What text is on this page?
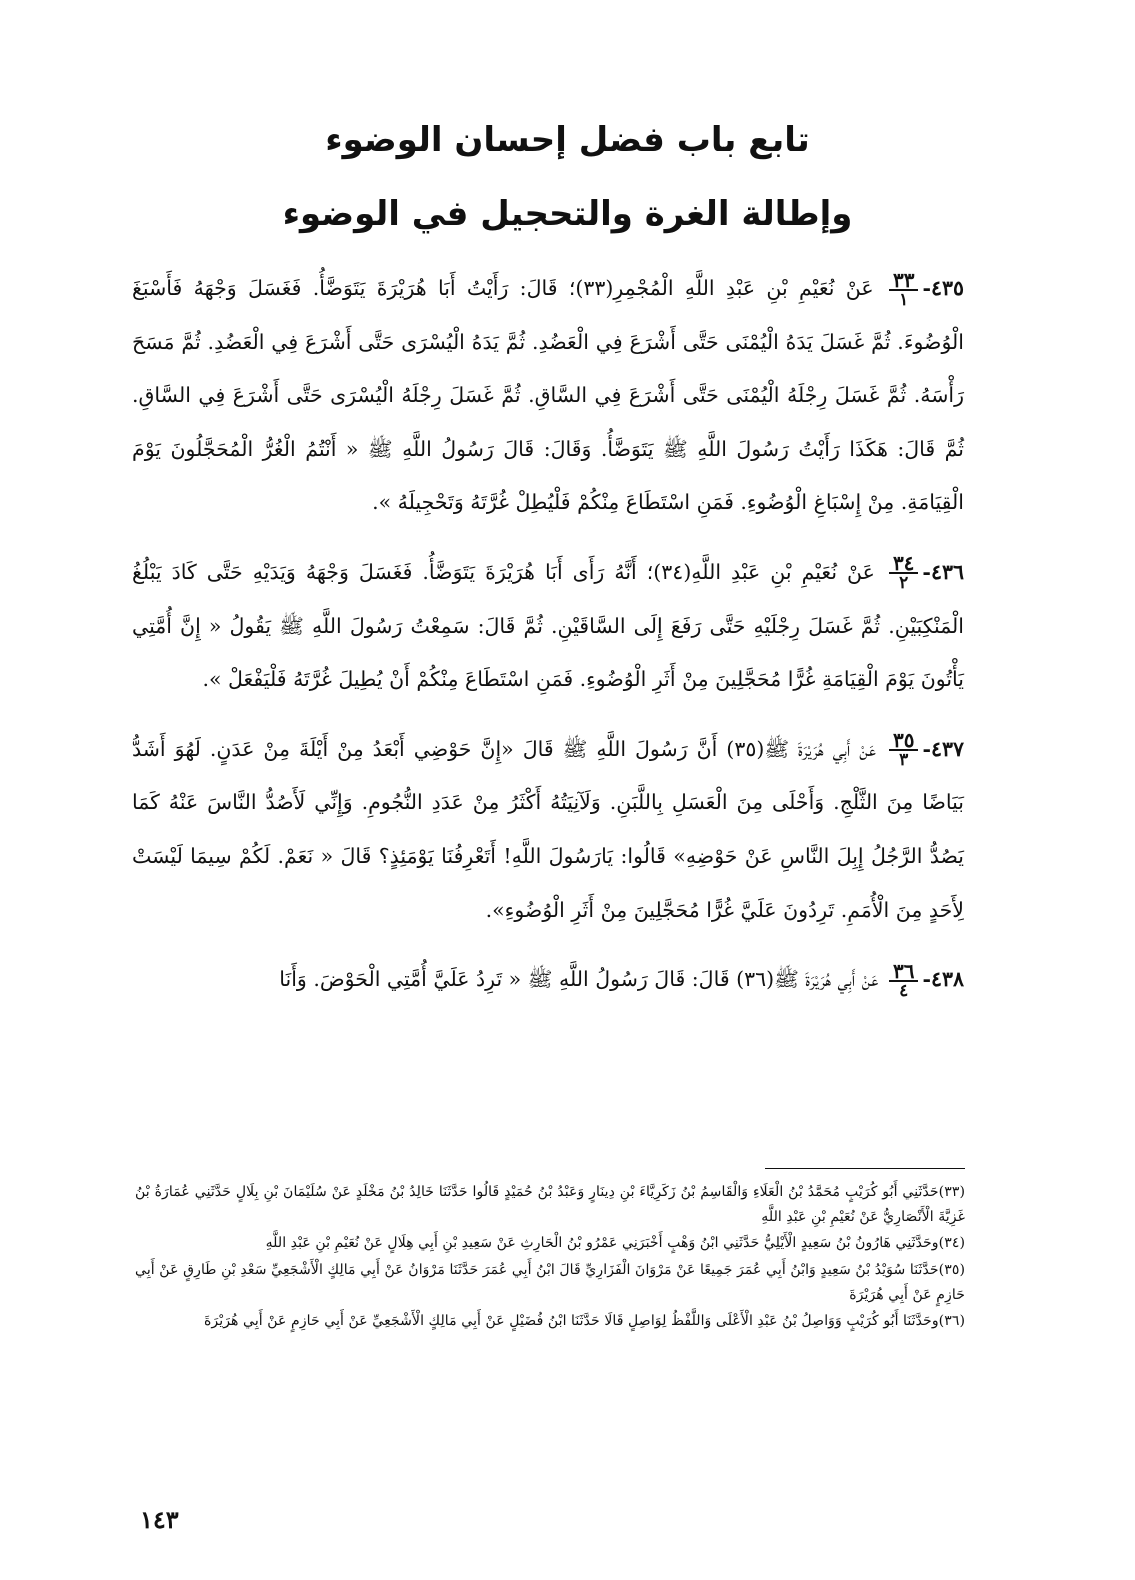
تابع باب فضل إحسان الوضوء
وإطالة الغرة والتحجيل في الوضوء

٤٣٥-
$\frac{٣٣}{١}$
عَنْ نُعَيْمِ بْنِ عَبْدِ اللَّهِ الْمُجْمِرِ(٣٣)؛ قَالَ: رَأَيْتُ أَبَا هُرَيْرَةَ يَتَوَضَّأُ. فَغَسَلَ وَجْهَهُ فَأَسْبَغَ الْوُضُوءَ. ثُمَّ غَسَلَ يَدَهُ الْيُمْنَى حَتَّى أَشْرَعَ فِي الْعَضُدِ. ثُمَّ يَدَهُ الْيُسْرَى حَتَّى أَشْرَعَ فِي الْعَضُدِ. ثُمَّ مَسَحَ رَأْسَهُ. ثُمَّ غَسَلَ رِجْلَهُ الْيُمْنَى حَتَّى أَشْرَعَ فِي السَّاقِ. ثُمَّ غَسَلَ رِجْلَهُ الْيُسْرَى حَتَّى أَشْرَعَ فِي السَّاقِ. ثُمَّ قَالَ: هَكَذَا رَأَيْتُ رَسُولَ اللَّهِ ﷺ يَتَوَضَّأُ. وَقَالَ: قَالَ رَسُولُ اللَّهِ ﷺ « أَنْتُمُ الْغُرُّ الْمُحَجَّلُونَ يَوْمَ الْقِيَامَةِ. مِنْ إِسْبَاغِ الْوُضُوءِ. فَمَنِ اسْتَطَاعَ مِنْكُمْ فَلْيُطِلْ غُرَّتَهُ وَتَحْجِيلَهُ ».

٤٣٦-
$\frac{٣٤}{٢}$
عَنْ نُعَيْمِ بْنِ عَبْدِ اللَّهِ(٣٤)؛ أَنَّهُ رَأَى أَبَا هُرَيْرَةَ يَتَوَضَّأُ. فَغَسَلَ وَجْهَهُ وَيَدَيْهِ حَتَّى كَادَ يَبْلُغُ الْمَنْكِبَيْنِ. ثُمَّ غَسَلَ رِجْلَيْهِ حَتَّى رَفَعَ إِلَى السَّاقَيْنِ. ثُمَّ قَالَ: سَمِعْتُ رَسُولَ اللَّهِ ﷺ يَقُولُ « إِنَّ أُمَّتِي يَأْتُونَ يَوْمَ الْقِيَامَةِ غُرًّا مُحَجَّلِينَ مِنْ أَثَرِ الْوُضُوءِ. فَمَنِ اسْتَطَاعَ مِنْكُمْ أَنْ يُطِيلَ غُرَّتَهُ فَلْيَفْعَلْ ».

٤٣٧-
$\frac{٣٥}{٣}$
عَنْ أَبِي هُرَيْرَةَ ﷺ(٣٥) أَنَّ رَسُولَ اللَّهِ ﷺ قَالَ «إِنَّ حَوْضِي أَبْعَدُ مِنْ أَيْلَةَ مِنْ عَدَنٍ. لَهُوَ أَشَدُّ بَيَاضًا مِنَ الثَّلْجِ. وَأَحْلَى مِنَ الْعَسَلِ بِاللَّبَنِ. وَلَآنِيَتُهُ أَكْثَرُ مِنْ عَدَدِ النُّجُومِ. وَإِنِّي لَأَصُدُّ النَّاسَ عَنْهُ كَمَا يَصُدُّ الرَّجُلُ إِبِلَ النَّاسِ عَنْ حَوْضِهِ» قَالُوا: يَارَسُولَ اللَّهِ! أَتَعْرِفُنَا يَوْمَئِذٍ؟ قَالَ « نَعَمْ. لَكُمْ سِيمَا لَيْسَتْ لِأَحَدٍ مِنَ الْأُمَمِ. تَرِدُونَ عَلَيَّ غُرًّا مُحَجَّلِينَ مِنْ أَثَرِ الْوُضُوءِ».

٤٣٨-
$\frac{٣٦}{٤}$
عَنْ أَبِي هُرَيْرَةَ ﷺ(٣٦) قَالَ: قَالَ رَسُولُ اللَّهِ ﷺ « تَرِدُ عَلَيَّ أُمَّتِي الْحَوْضَ. وَأَنَا

(٣٣)حَدَّثَنِي أَبُو كُرَيْبٍ مُحَمَّدُ بْنُ الْعَلَاءِ وَالْقَاسِمُ بْنُ زَكَرِيَّاءَ بْنِ دِينَارٍ وَعَبْدُ بْنُ حُمَيْدٍ قَالُوا حَدَّثَنَا خَالِدُ بْنُ مَخْلَدٍ عَنْ سُلَيْمَانَ بْنِ بِلَالٍ حَدَّثَنِي عُمَارَةُ بْنُ غَزِيَّةَ الْأَنْصَارِيُّ عَنْ نُعَيْمِ بْنِ عَبْدِ اللَّهِ

(٣٤)وحَدَّثَنِي هَارُونُ بْنُ سَعِيدٍ الْأَيْلِيُّ حَدَّثَنِي ابْنُ وَهْبٍ أَخْبَرَنِي عَمْرُو بْنُ الْحَارِثِ عَنْ سَعِيدِ بْنِ أَبِي هِلَالٍ عَنْ نُعَيْمِ بْنِ عَبْدِ اللَّهِ

(٣٥)حَدَّثَنَا سُوَيْدُ بْنُ سَعِيدٍ وَابْنُ أَبِي عُمَرَ جَمِيعًا عَنْ مَرْوَانَ الْفَزَارِيِّ قَالَ ابْنُ أَبِي عُمَرَ حَدَّثَنَا مَرْوَانُ عَنْ أَبِي مَالِكٍ الْأَشْجَعِيِّ سَعْدِ بْنِ طَارِقٍ عَنْ أَبِي حَازِمٍ عَنْ أَبِي هُرَيْرَةَ

(٣٦)وحَدَّثَنَا أَبُو كُرَيْبٍ وَوَاصِلُ بْنُ عَبْدِ الْأَعْلَى وَاللَّفْظُ لِوَاصِلٍ قَالَا حَدَّثَنَا ابْنُ فُضَيْلٍ عَنْ أَبِي مَالِكٍ الْأَشْجَعِيِّ عَنْ أَبِي حَازِمٍ عَنْ أَبِي هُرَيْرَةَ

١٤٣
